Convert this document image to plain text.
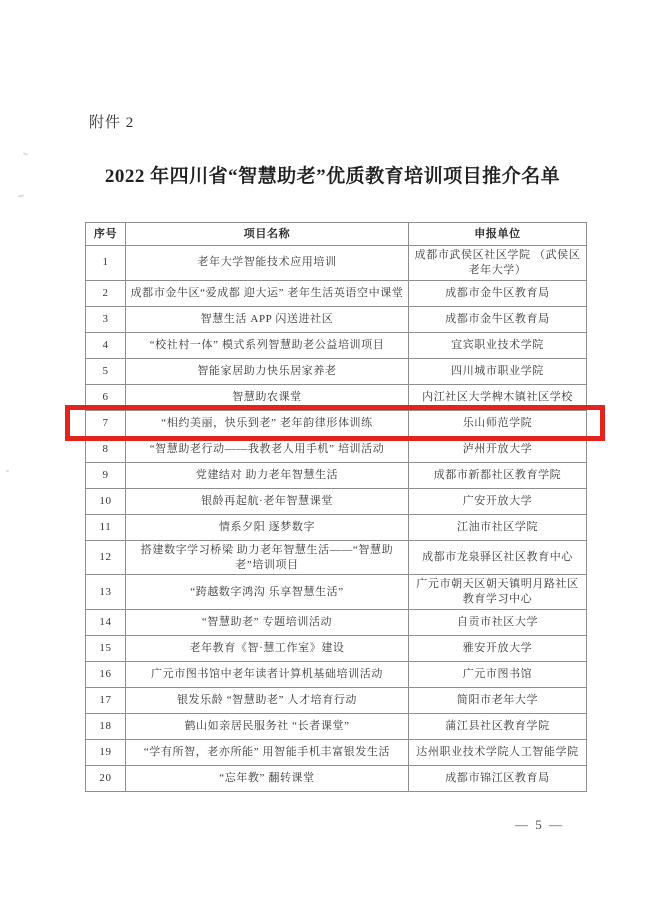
附件 2
2022 年四川省“智慧助老”优质教育培训项目推介名单
序号	项目名称	申报单位
1	老年大学智能技术应用培训	成都市武侯区社区学院 （武侯区老年大学）
2	成都市金牛区“爱成都 迎大运” 老年生活英语空中课堂	成都市金牛区教育局
3	智慧生活 APP 闪送进社区	成都市金牛区教育局
4	“校社村一体” 模式系列智慧助老公益培训项目	宜宾职业技术学院
5	智能家居助力快乐居家养老	四川城市职业学院
6	智慧助农课堂	内江社区大学椑木镇社区学校
7	“相约美丽，快乐到老” 老年韵律形体训练	乐山师范学院
8	“智慧助老行动——我教老人用手机” 培训活动	泸州开放大学
9	党建结对 助力老年智慧生活	成都市新都社区教育学院
10	银龄再起航·老年智慧课堂	广安开放大学
11	情系夕阳 逐梦数字	江油市社区学院
12	搭建数字学习桥梁 助力老年智慧生活——“智慧助老”培训项目	成都市龙泉驿区社区教育中心
13	“跨越数字鸿沟 乐享智慧生活”	广元市朝天区朝天镇明月路社区教育学习中心
14	“智慧助老” 专题培训活动	自贡市社区大学
15	老年教育《智·慧工作室》建设	雅安开放大学
16	广元市图书馆中老年读者计算机基础培训活动	广元市图书馆
17	银发乐龄 “智慧助老” 人才培育行动	简阳市老年大学
18	鹤山如亲居民服务社 “长者课堂”	蒲江县社区教育学院
19	“学有所智，老亦所能” 用智能手机丰富银发生活	达州职业技术学院人工智能学院
20	“忘年教” 翻转课堂	成都市锦江区教育局
— 5 —
